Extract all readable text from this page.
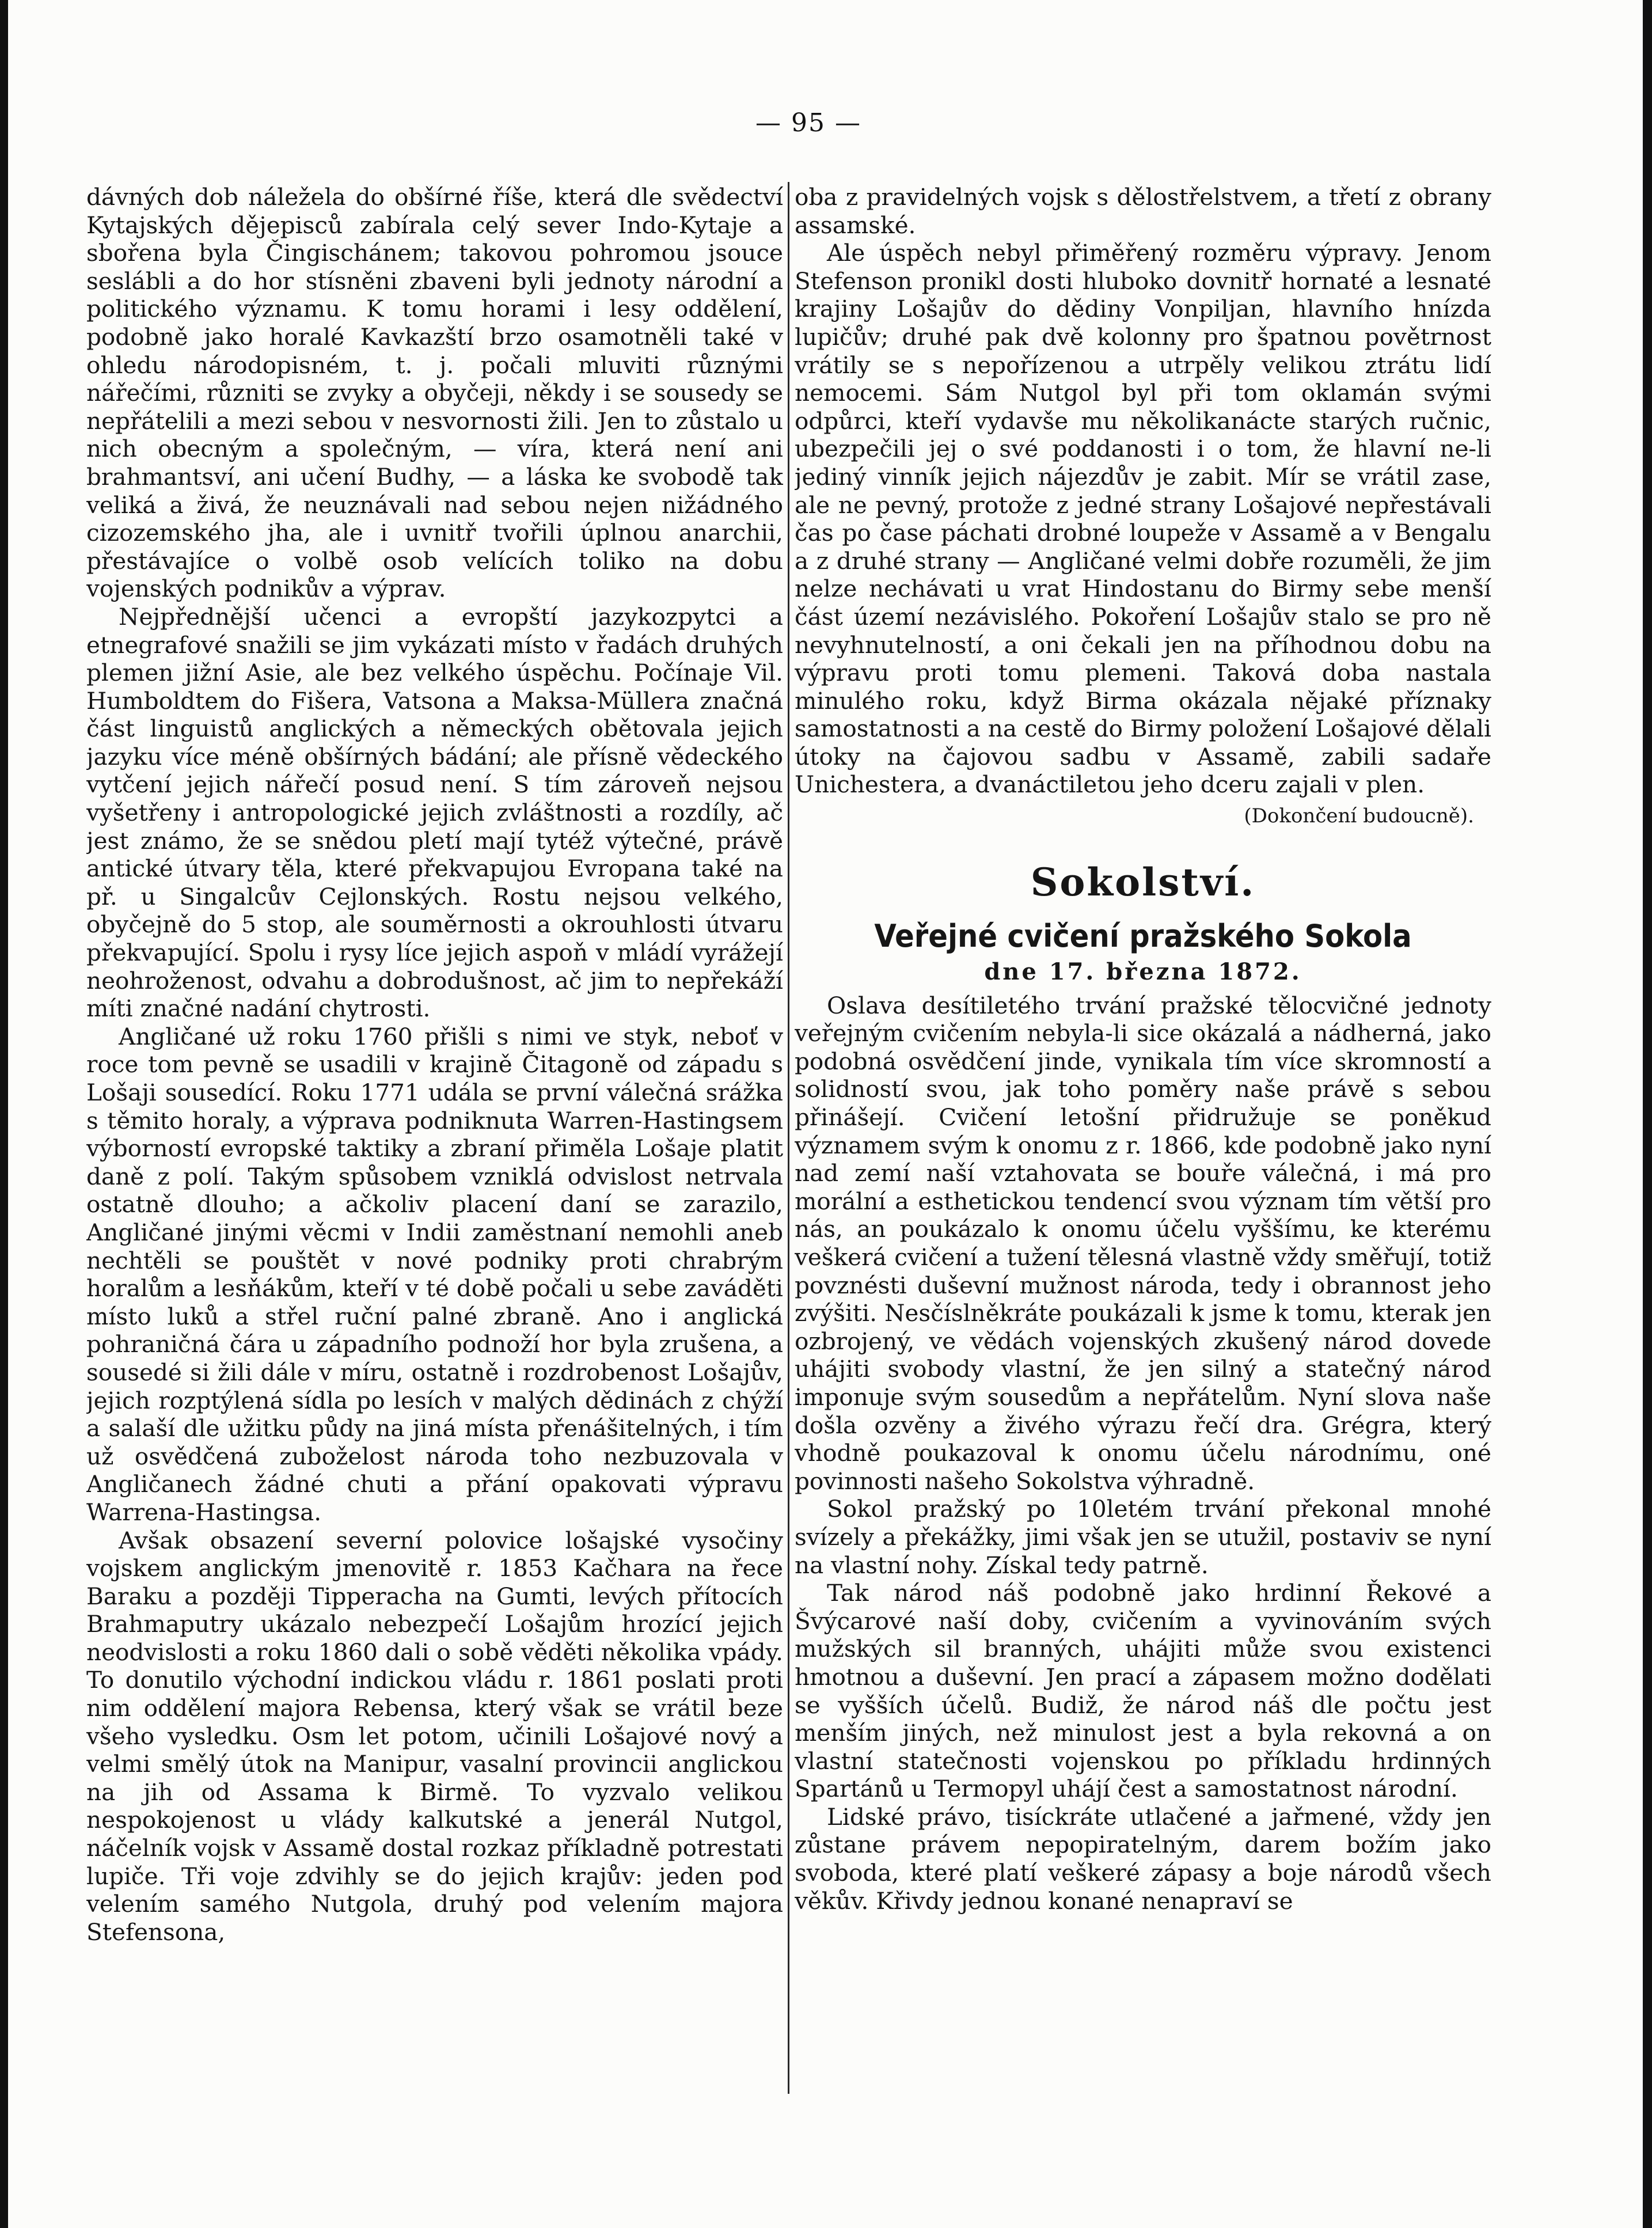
— 95 —

dávných dob náležela do obšírné říše, která dle svědectví Kytajských dějepisců zabírala celý sever Indo-Kytaje a sbořena byla Čingischánem; takovou pohromou jsouce seslábli a do hor stísněni zbaveni byli jednoty národní a politického významu. K tomu horami i lesy oddělení, podobně jako horalé Kavkazští brzo osamotněli také v ohledu národopisném, t. j. počali mluviti různými nářečími, různiti se zvyky a obyčeji, někdy i se sousedy se nepřátelili a mezi sebou v nesvornosti žili. Jen to zůstalo u nich obecným a společným, — víra, která není ani brahmantsví, ani učení Budhy, — a láska ke svobodě tak veliká a živá, že neuznávali nad sebou nejen nižádného cizozemského jha, ale i uvnitř tvořili úplnou anarchii, přestávajíce o volbě osob velících toliko na dobu vojenských podnikův a výprav.

Nejpřednější učenci a evropští jazykozpytci a etnegrafové snažili se jim vykázati místo v řadách druhých plemen jižní Asie, ale bez velkého úspěchu. Počínaje Vil. Humboldtem do Fišera, Vatsona a Maksa-Müllera značná část linguistů anglických a německých obětovala jejich jazyku více méně obšírných bádání; ale přísně vědeckého vytčení jejich nářečí posud není. S tím zároveň nejsou vyšetřeny i antropologické jejich zvláštnosti a rozdíly, ač jest známo, že se snědou pletí mají tytéž výtečné, právě antické útvary těla, které překvapujou Evropana také na př. u Singalcův Cejlonských. Rostu nejsou velkého, obyčejně do 5 stop, ale souměrnosti a okrouhlosti útvaru překvapující. Spolu i rysy líce jejich aspoň v mládí vyrážejí neohroženost, odvahu a dobrodušnost, ač jim to nepřekáží míti značné nadání chytrosti.

Angličané už roku 1760 přišli s nimi ve styk, neboť v roce tom pevně se usadili v krajině Čitagoně od západu s Lošaji sousedící. Roku 1771 udála se první válečná srážka s těmito horaly, a výprava podniknuta Warren-Hastingsem výborností evropské taktiky a zbraní přiměla Lošaje platit daně z polí. Takým spůsobem vzniklá odvislost netrvala ostatně dlouho; a ačkoliv placení daní se zarazilo, Angličané jinými věcmi v Indii zaměstnaní nemohli aneb nechtěli se pouštět v nové podniky proti chrabrým horalům a lesňákům, kteří v té době počali u sebe zaváděti místo luků a střel ruční palné zbraně. Ano i anglická pohraničná čára u západního podnoží hor byla zrušena, a sousedé si žili dále v míru, ostatně i rozdrobenost Lošajův, jejich rozptýlená sídla po lesích v malých dědinách z chýží a salaší dle užitku půdy na jiná místa přenášitelných, i tím už osvědčená zuboželost národa toho nezbuzovala v Angličanech žádné chuti a přání opakovati výpravu Warrena-Hastingsa.

Avšak obsazení severní polovice lošajské vysočiny vojskem anglickým jmenovitě r. 1853 Kačhara na řece Baraku a později Tipperacha na Gumti, levých přítocích Brahmaputry ukázalo nebezpečí Lošajům hrozící jejich neodvislosti a roku 1860 dali o sobě věděti několika vpády. To donutilo východní indickou vládu r. 1861 poslati proti nim oddělení majora Rebensa, který však se vrátil beze všeho vysledku. Osm let potom, učinili Lošajové nový a velmi smělý útok na Manipur, vasalní provincii anglickou na jih od Assama k Birmě. To vyzvalo velikou nespokojenost u vlády kalkutské a jenerál Nutgol, náčelník vojsk v Assamě dostal rozkaz příkladně potrestati lupiče. Tři voje zdvihly se do jejich krajův: jeden pod velením samého Nutgola, druhý pod velením majora Stefensona,

oba z pravidelných vojsk s dělostřelstvem, a třetí z obrany assamské.

Ale úspěch nebyl přiměřený rozměru výpravy. Jenom Stefenson pronikl dosti hluboko dovnitř hornaté a lesnaté krajiny Lošajův do dědiny Vonpiljan, hlavního hnízda lupičův; druhé pak dvě kolonny pro špatnou povětrnost vrátily se s nepořízenou a utrpěly velikou ztrátu lidí nemocemi. Sám Nutgol byl při tom oklamán svými odpůrci, kteří vydavše mu několikanácte starých ručnic, ubezpečili jej o své poddanosti i o tom, že hlavní ne-li jediný vinník jejich nájezdův je zabit. Mír se vrátil zase, ale ne pevný, protože z jedné strany Lošajové nepřestávali čas po čase páchati drobné loupeže v Assamě a v Bengalu a z druhé strany — Angličané velmi dobře rozuměli, že jim nelze nechávati u vrat Hindostanu do Birmy sebe menší část území nezávislého. Pokoření Lošajův stalo se pro ně nevyhnutelností, a oni čekali jen na příhodnou dobu na výpravu proti tomu plemeni. Taková doba nastala minulého roku, když Birma okázala nějaké příznaky samostatnosti a na cestě do Birmy položení Lošajové dělali útoky na čajovou sadbu v Assamě, zabili sadaře Unichestera, a dvanáctiletou jeho dceru zajali v plen.

(Dokončení budoucně).

Sokolství.
Veřejné cvičení pražského Sokola
dne 17. března 1872.

Oslava desítiletého trvání pražské tělocvičné jednoty veřejným cvičením nebyla-li sice okázalá a nádherná, jako podobná osvědčení jinde, vynikala tím více skromností a solidností svou, jak toho poměry naše právě s sebou přinášejí. Cvičení letošní přidružuje se poněkud významem svým k onomu z r. 1866, kde podobně jako nyní nad zemí naší vztahovata se bouře válečná, i má pro morální a esthetickou tendencí svou význam tím větší pro nás, an poukázalo k onomu účelu vyššímu, ke kterému veškerá cvičení a tužení tělesná vlastně vždy směřují, totiž povznésti duševní mužnost národa, tedy i obrannost jeho zvýšiti. Nesčíslněkráte poukázali k jsme k tomu, kterak jen ozbrojený, ve vědách vojenských zkušený národ dovede uhájiti svobody vlastní, že jen silný a statečný národ imponuje svým sousedům a nepřátelům. Nyní slova naše došla ozvěny a živého výrazu řečí dra. Grégra, který vhodně poukazoval k onomu účelu národnímu, oné povinnosti našeho Sokolstva výhradně.

Sokol pražský po 10letém trvání překonal mnohé svízely a překážky, jimi však jen se utužil, postaviv se nyní na vlastní nohy. Získal tedy patrně.

Tak národ náš podobně jako hrdinní Řekové a Švýcarové naší doby, cvičením a vyvinováním svých mužských sil branných, uhájiti může svou existenci hmotnou a duševní. Jen prací a zápasem možno dodělati se vyšších účelů. Budiž, že národ náš dle počtu jest menším jiných, než minulost jest a byla rekovná a on vlastní statečnosti vojenskou po příkladu hrdinných Spartánů u Termopyl uhájí čest a samostatnost národní.

Lidské právo, tisíckráte utlačené a jařmené, vždy jen zůstane právem nepopiratelným, darem božím jako svoboda, které platí veškeré zápasy a boje národů všech věkův. Křivdy jednou konané nenapraví se
